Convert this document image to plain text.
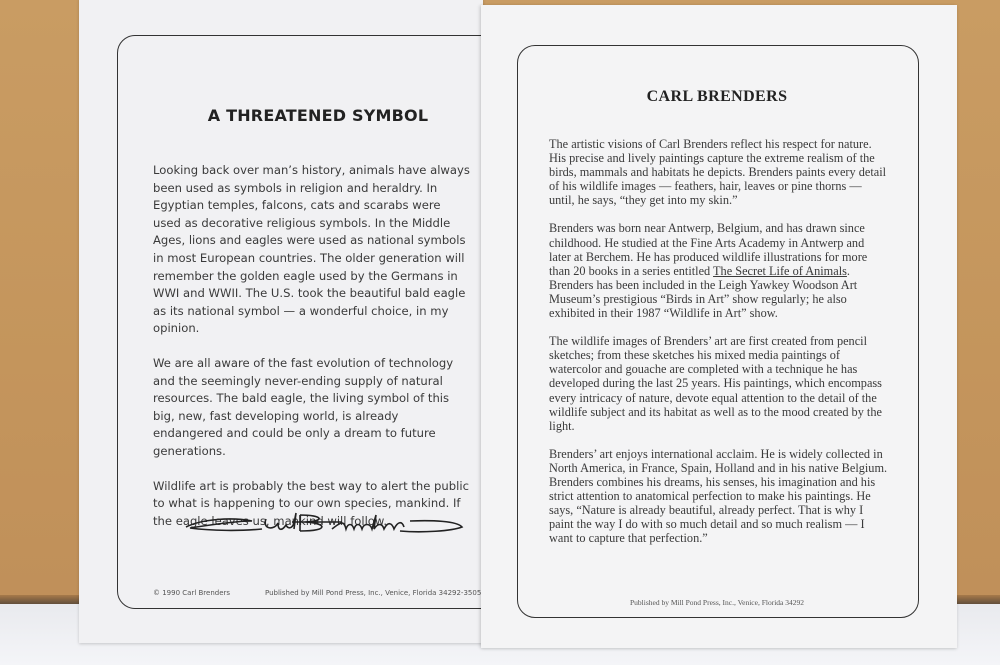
A THREATENED SYMBOL

Looking back over man’s history, animals have always been used as symbols in religion and heraldry. In Egyptian temples, falcons, cats and scarabs were used as decorative religious symbols. In the Middle Ages, lions and eagles were used as national symbols in most European countries. The older generation will remember the golden eagle used by the Germans in WWI and WWII. The U.S. took the beautiful bald eagle as its national symbol — a wonderful choice, in my opinion.

We are all aware of the fast evolution of technology and the seemingly never-ending supply of natural resources. The bald eagle, the living symbol of this big, new, fast developing world, is already endangered and could be only a dream to future generations.

Wildlife art is probably the best way to alert the public to what is happening to our own species, mankind. If the eagle leaves us, mankind will follow.

© 1990 Carl Brenders	Published by Mill Pond Press, Inc., Venice, Florida 34292-3505
CARL BRENDERS

The artistic visions of Carl Brenders reflect his respect for nature. His precise and lively paintings capture the extreme realism of the birds, mammals and habitats he depicts. Brenders paints every detail of his wildlife images — feathers, hair, leaves or pine thorns — until, he says, “they get into my skin.”

Brenders was born near Antwerp, Belgium, and has drawn since childhood. He studied at the Fine Arts Academy in Antwerp and later at Berchem. He has produced wildlife illustrations for more than 20 books in a series entitled The Secret Life of Animals. Brenders has been included in the Leigh Yawkey Woodson Art Museum’s prestigious “Birds in Art” show regularly; he also exhibited in their 1987 “Wildlife in Art” show.

The wildlife images of Brenders’ art are first created from pencil sketches; from these sketches his mixed media paintings of watercolor and gouache are completed with a technique he has developed during the last 25 years. His paintings, which encompass every intricacy of nature, devote equal attention to the detail of the wildlife subject and its habitat as well as to the mood created by the light.

Brenders’ art enjoys international acclaim. He is widely collected in North America, in France, Spain, Holland and in his native Belgium. Brenders combines his dreams, his senses, his imagination and his strict attention to anatomical perfection to make his paintings. He says, “Nature is already beautiful, already perfect. That is why I paint the way I do with so much detail and so much realism — I want to capture that perfection.”

Published by Mill Pond Press, Inc., Venice, Florida 34292
